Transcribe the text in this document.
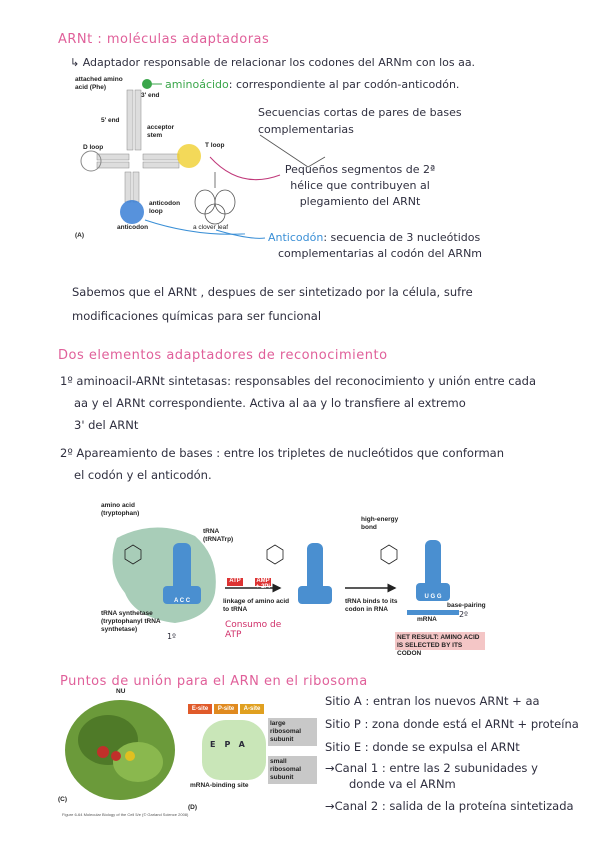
ARNt : moléculas adaptadoras
↳ Adaptador responsable de relacionar los codones del ARNm con los aa.
attached amino acid (Phe)
3' end
5' end
acceptor stem
D loop	T loop
anticodon loop
anticodon	a clover leaf
(A)
aminoácido: correspondiente al par codón-anticodón.
Secuencias cortas de pares de bases complementarias
Pequeños segmentos de 2ª
hélice que contribuyen al
plegamiento del ARNt
Anticodón: secuencia de 3 nucleótidos
complementarias al codón del ARNm
Sabemos que el ARNt , despues de ser sintetizado por la célula, sufre
modificaciones químicas para ser funcional
Dos elementos adaptadores de reconocimiento
1º aminoacil-ARNt sintetasas: responsables del reconocimiento y unión entre cada
aa y el ARNt correspondiente. Activa al aa y lo transfiere al extremo
3' del ARNt
2º Apareamiento de bases : entre los tripletes de nucleótidos que conforman
el codón y el anticodón.
amino acid (tryptophan)
tRNA (tRNATrp)
high-energy bond
ATP	AMP + 2Pi
linkage of amino acid to tRNA
tRNA binds to its codon in RNA
tRNA synthetase (tryptophanyl tRNA synthetase)
A C C
U G G
mRNA
base-pairing
NET RESULT: AMINO ACID IS SELECTED BY ITS CODON
Consumo de ATP
1º
2º
Puntos de unión para el ARN en el ribosoma
NU
(C)
Figure 6-64 Molecular Biology of the Cell 5/e (© Garland Science 2008)
E-site	P-site	A-site
EPA
mRNA-binding site
(D)
large ribosomal subunit
small ribosomal subunit
Sitio A : entran los nuevos ARNt + aa
Sitio P : zona donde está el ARNt + proteína
Sitio E : donde se expulsa el ARNt
→Canal 1 : entre las 2 subunidades y
donde va el ARNm
→Canal 2 : salida de la proteína sintetizada
